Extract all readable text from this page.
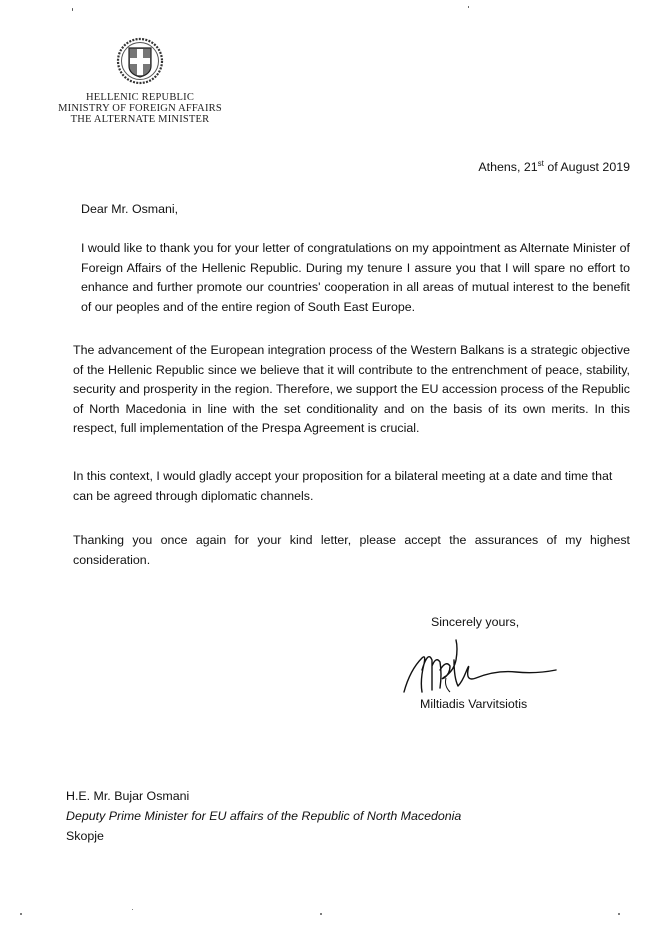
HELLENIC REPUBLIC
MINISTRY OF FOREIGN AFFAIRS
THE ALTERNATE MINISTER
Athens, 21st of August 2019
Dear Mr. Osmani,

I would like to thank you for your letter of congratulations on my appointment as Alternate Minister of Foreign Affairs of the Hellenic Republic. During my tenure I assure you that I will spare no effort to enhance and further promote our countries' cooperation in all areas of mutual interest to the benefit of our peoples and of the entire region of South East Europe.

The advancement of the European integration process of the Western Balkans is a strategic objective of the Hellenic Republic since we believe that it will contribute to the entrenchment of peace, stability, security and prosperity in the region. Therefore, we support the EU accession process of the Republic of North Macedonia in line with the set conditionality and on the basis of its own merits. In this respect, full implementation of the Prespa Agreement is crucial.

In this context, I would gladly accept your proposition for a bilateral meeting at a date and time that can be agreed through diplomatic channels.

Thanking you once again for your kind letter, please accept the assurances of my highest consideration.

Sincerely yours,
Miltiadis Varvitsiotis
H.E. Mr. Bujar Osmani
Deputy Prime Minister for EU affairs of the Republic of North Macedonia
Skopje
